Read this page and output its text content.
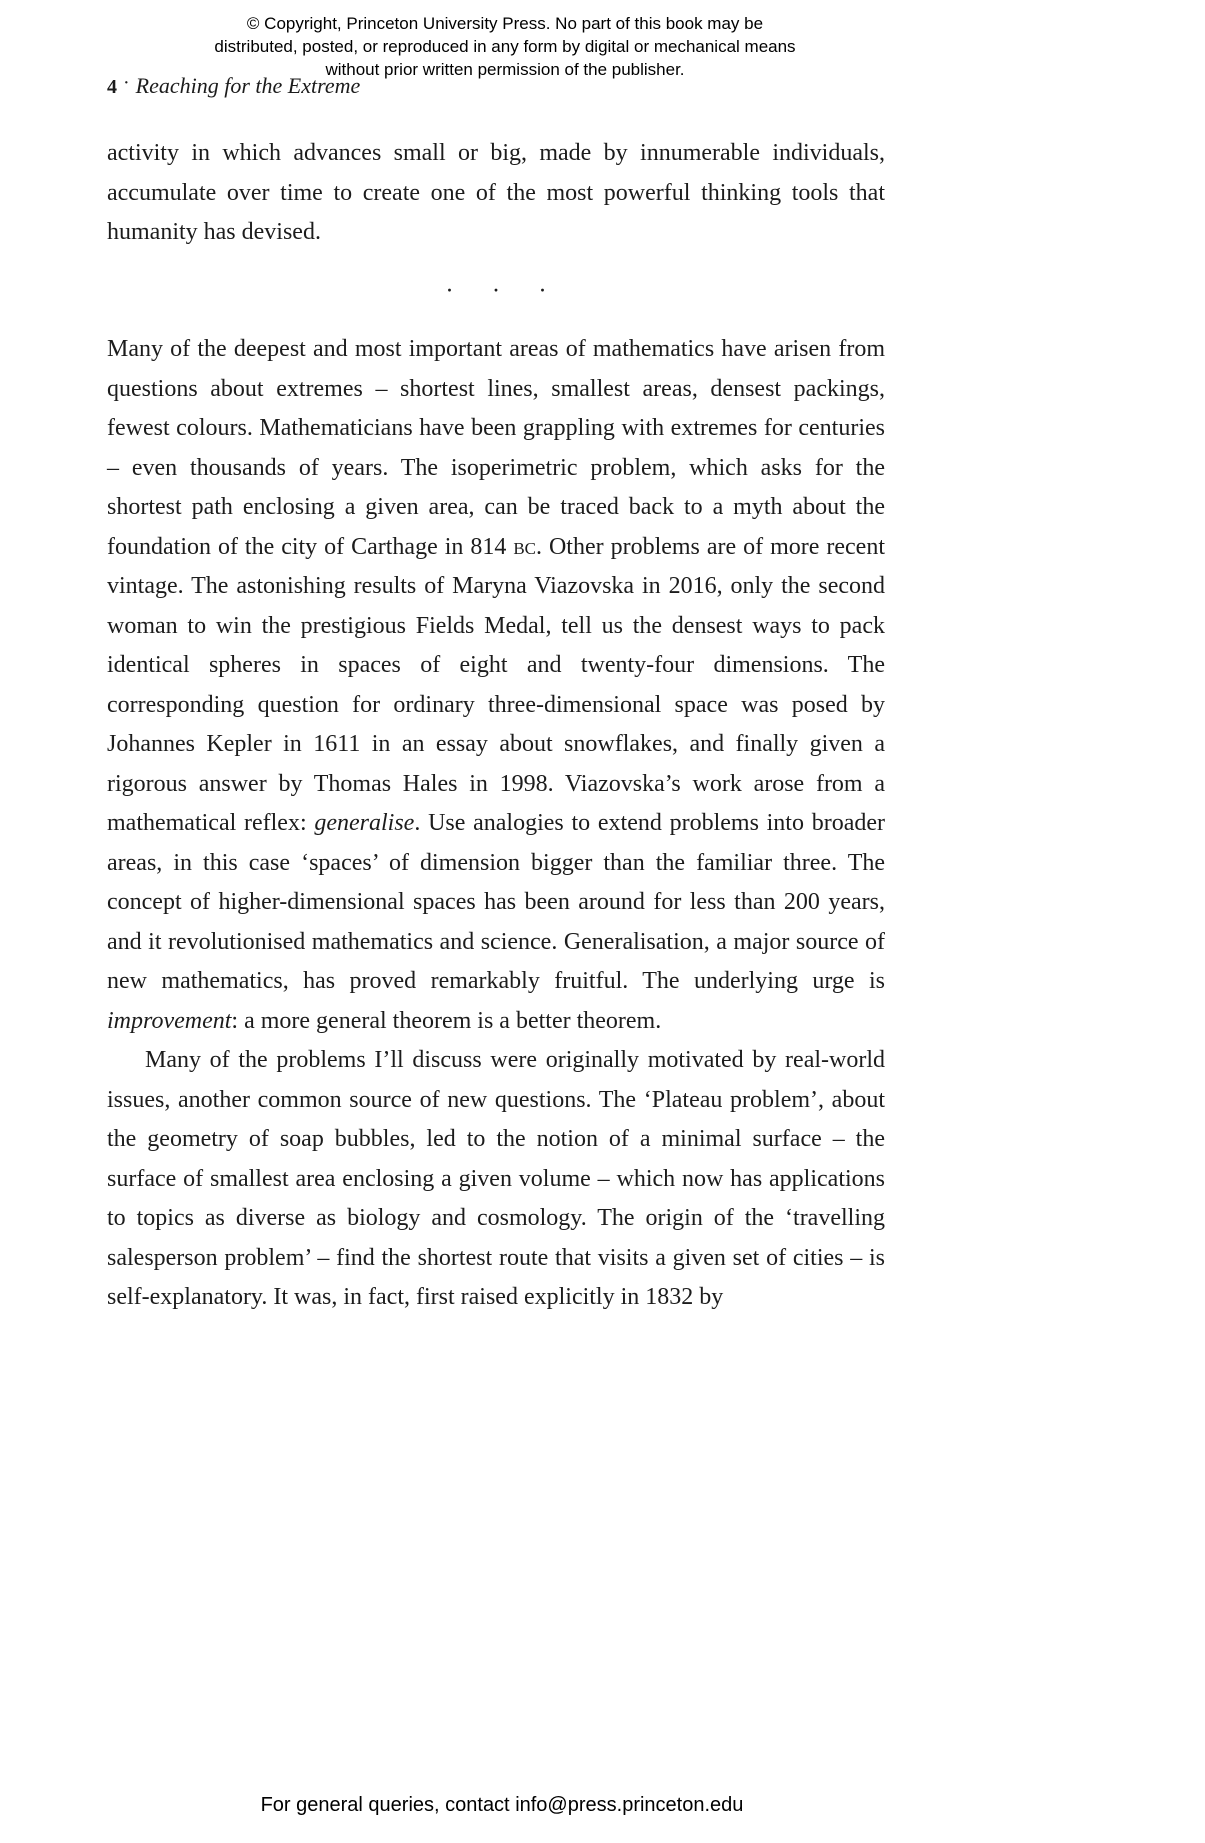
© Copyright, Princeton University Press. No part of this book may be distributed, posted, or reproduced in any form by digital or mechanical means without prior written permission of the publisher.
4 · Reaching for the Extreme

activity in which advances small or big, made by innumerable individuals, accumulate over time to create one of the most powerful thinking tools that humanity has devised.

· · ·

Many of the deepest and most important areas of mathematics have arisen from questions about extremes – shortest lines, smallest areas, densest packings, fewest colours. Mathematicians have been grappling with extremes for centuries – even thousands of years. The isoperimetric problem, which asks for the shortest path enclosing a given area, can be traced back to a myth about the foundation of the city of Carthage in 814 bc. Other problems are of more recent vintage. The astonishing results of Maryna Viazovska in 2016, only the second woman to win the prestigious Fields Medal, tell us the densest ways to pack identical spheres in spaces of eight and twenty-four dimensions. The corresponding question for ordinary three-dimensional space was posed by Johannes Kepler in 1611 in an essay about snowflakes, and finally given a rigorous answer by Thomas Hales in 1998. Viazovska’s work arose from a mathematical reflex: generalise. Use analogies to extend problems into broader areas, in this case ‘spaces’ of dimension bigger than the familiar three. The concept of higher-dimensional spaces has been around for less than 200 years, and it revolutionised mathematics and science. Generalisation, a major source of new mathematics, has proved remarkably fruitful. The underlying urge is improvement: a more general theorem is a better theorem.

Many of the problems I’ll discuss were originally motivated by real-world issues, another common source of new questions. The ‘Plateau problem’, about the geometry of soap bubbles, led to the notion of a minimal surface – the surface of smallest area enclosing a given volume – which now has applications to topics as diverse as biology and cosmology. The origin of the ‘travelling salesperson problem’ – find the shortest route that visits a given set of cities – is self-explanatory. It was, in fact, first raised explicitly in 1832 by

For general queries, contact info@press.princeton.edu
